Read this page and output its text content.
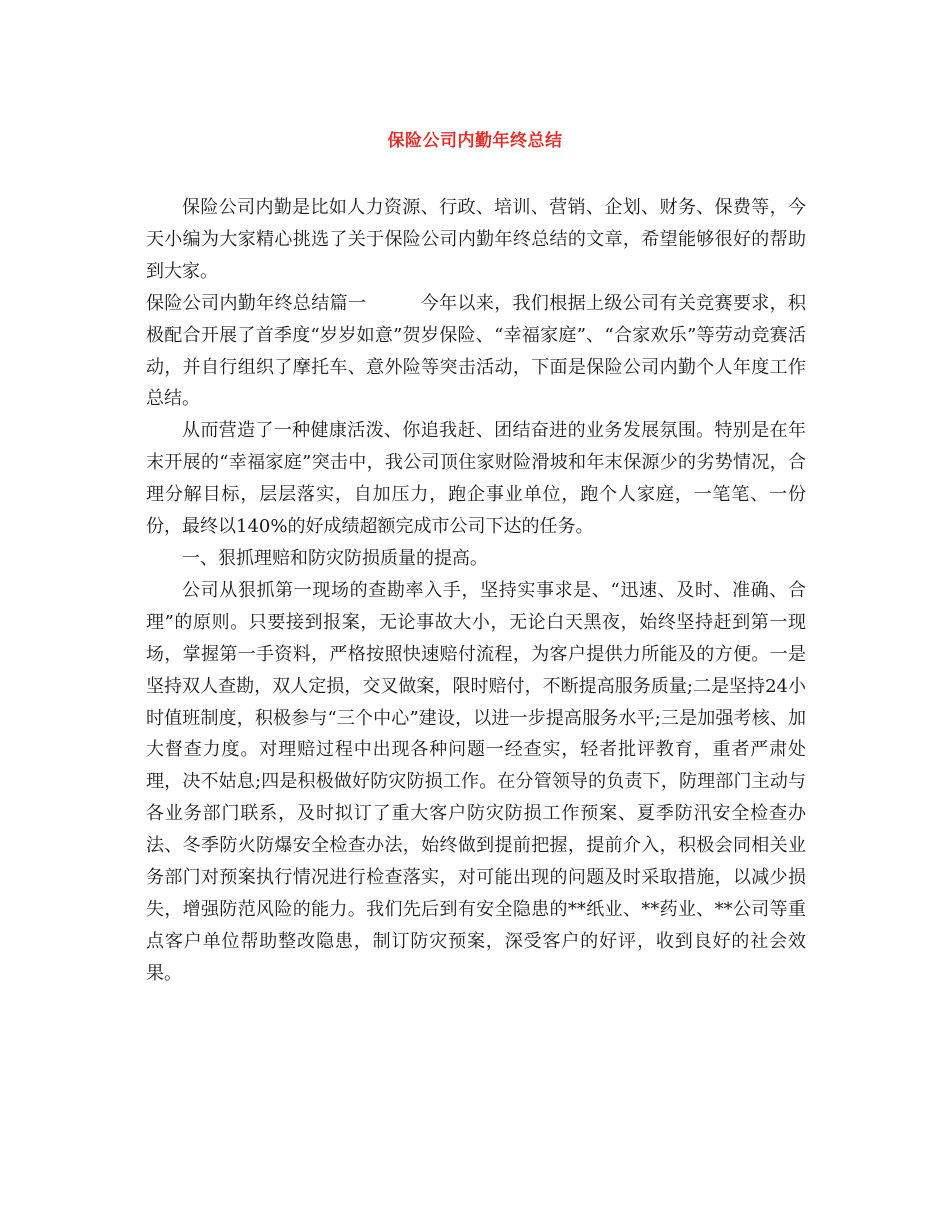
保险公司内勤年终总结

保险公司内勤是比如人力资源、行政、培训、营销、企划、财务、保费等，今天小编为大家精心挑选了关于保险公司内勤年终总结的文章，希望能够很好的帮助到大家。

保险公司内勤年终总结篇一	今年以来，我们根据上级公司有关竞赛要求，积极配合开展了首季度“岁岁如意”贺岁保险、“幸福家庭”、“合家欢乐”等劳动竞赛活动，并自行组织了摩托车、意外险等突击活动，下面是保险公司内勤个人年度工作总结。

从而营造了一种健康活泼、你追我赶、团结奋进的业务发展氛围。特别是在年末开展的“幸福家庭”突击中，我公司顶住家财险滑坡和年末保源少的劣势情况，合理分解目标，层层落实，自加压力，跑企事业单位，跑个人家庭，一笔笔、一份份，最终以140%的好成绩超额完成市公司下达的任务。

一、狠抓理赔和防灾防损质量的提高。

公司从狠抓第一现场的查勘率入手，坚持实事求是、“迅速、及时、准确、合理”的原则。只要接到报案，无论事故大小，无论白天黑夜，始终坚持赶到第一现场，掌握第一手资料，严格按照快速赔付流程，为客户提供力所能及的方便。一是坚持双人查勘，双人定损，交叉做案，限时赔付，不断提高服务质量;二是坚持24小时值班制度，积极参与“三个中心”建设，以进一步提高服务水平;三是加强考核、加大督查力度。对理赔过程中出现各种问题一经查实，轻者批评教育，重者严肃处理，决不姑息;四是积极做好防灾防损工作。在分管领导的负责下，防理部门主动与各业务部门联系，及时拟订了重大客户防灾防损工作预案、夏季防汛安全检查办法、冬季防火防爆安全检查办法，始终做到提前把握，提前介入，积极会同相关业务部门对预案执行情况进行检查落实，对可能出现的问题及时采取措施，以减少损失，增强防范风险的能力。我们先后到有安全隐患的**纸业、**药业、**公司等重点客户单位帮助整改隐患，制订防灾预案，深受客户的好评，收到良好的社会效果。
